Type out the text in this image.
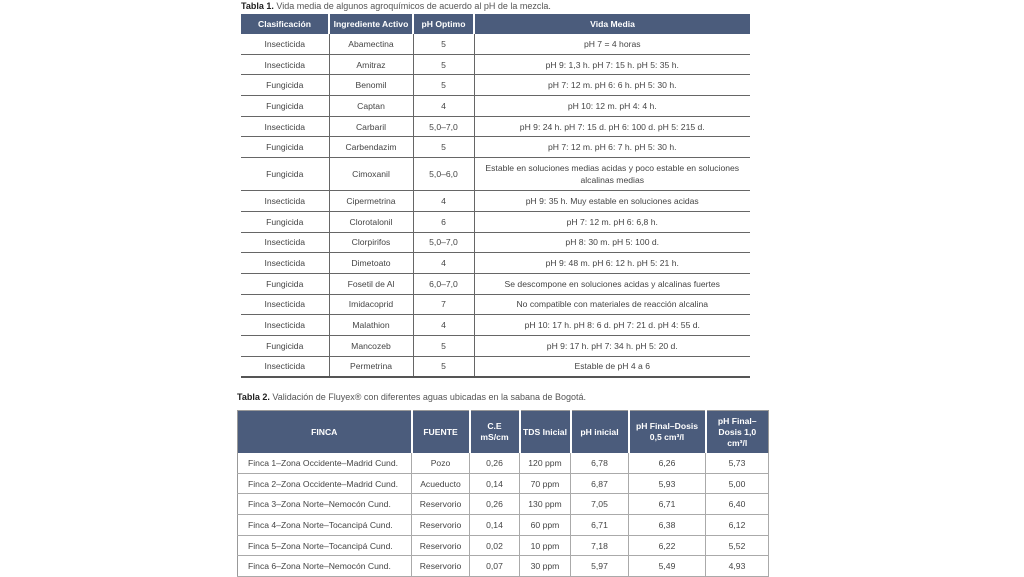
Tabla 1. Vida media de algunos agroquímicos de acuerdo al pH de la mezcla.
Clasificación	Ingrediente Activo	pH Optimo	Vida Media
Insecticida	Abamectina	5	pH 7 = 4 horas
Insecticida	Amitraz	5	pH 9: 1,3 h. pH 7: 15 h. pH 5: 35 h.
Fungicida	Benomil	5	pH 7: 12 m. pH 6: 6 h. pH 5: 30 h.
Fungicida	Captan	4	pH 10: 12 m. pH 4: 4 h.
Insecticida	Carbaril	5,0–7,0	pH 9: 24 h. pH 7: 15 d. pH 6: 100 d. pH 5: 215 d.
Fungicida	Carbendazim	5	pH 7: 12 m. pH 6: 7 h. pH 5: 30 h.
Fungicida	Cimoxanil	5,0–6,0	Estable en soluciones medias acidas y poco estable en soluciones alcalinas medias
Insecticida	Cipermetrina	4	pH 9: 35 h. Muy estable en soluciones acidas
Fungicida	Clorotalonil	6	pH 7: 12 m. pH 6: 6,8 h.
Insecticida	Clorpirifos	5,0–7,0	pH 8: 30 m. pH 5: 100 d.
Insecticida	Dimetoato	4	pH 9: 48 m. pH 6: 12 h. pH 5: 21 h.
Fungicida	Fosetil de Al	6,0–7,0	Se descompone en soluciones acidas y alcalinas fuertes
Insecticida	Imidacoprid	7	No compatible con materiales de reacción alcalina
Insecticida	Malathion	4	pH 10: 17 h. pH 8: 6 d. pH 7: 21 d. pH 4: 55 d.
Fungicida	Mancozeb	5	pH 9: 17 h. pH 7: 34 h. pH 5: 20 d.
Insecticida	Permetrina	5	Estable de pH 4 a 6
Tabla 2. Validación de Fluyex® con diferentes aguas ubicadas en la sabana de Bogotá.
FINCA	FUENTE	C.E mS/cm	TDS Inicial	pH inicial	pH Final–Dosis 0,5 cm³/l	pH Final–Dosis 1,0 cm³/l
Finca 1–Zona Occidente–Madrid Cund.	Pozo	0,26	120 ppm	6,78	6,26	5,73
Finca 2–Zona Occidente–Madrid Cund.	Acueducto	0,14	70 ppm	6,87	5,93	5,00
Finca 3–Zona Norte–Nemocón Cund.	Reservorio	0,26	130 ppm	7,05	6,71	6,40
Finca 4–Zona Norte–Tocancipá Cund.	Reservorio	0,14	60 ppm	6,71	6,38	6,12
Finca 5–Zona Norte–Tocancipá Cund.	Reservorio	0,02	10 ppm	7,18	6,22	5,52
Finca 6–Zona Norte–Nemocón Cund.	Reservorio	0,07	30 ppm	5,97	5,49	4,93
